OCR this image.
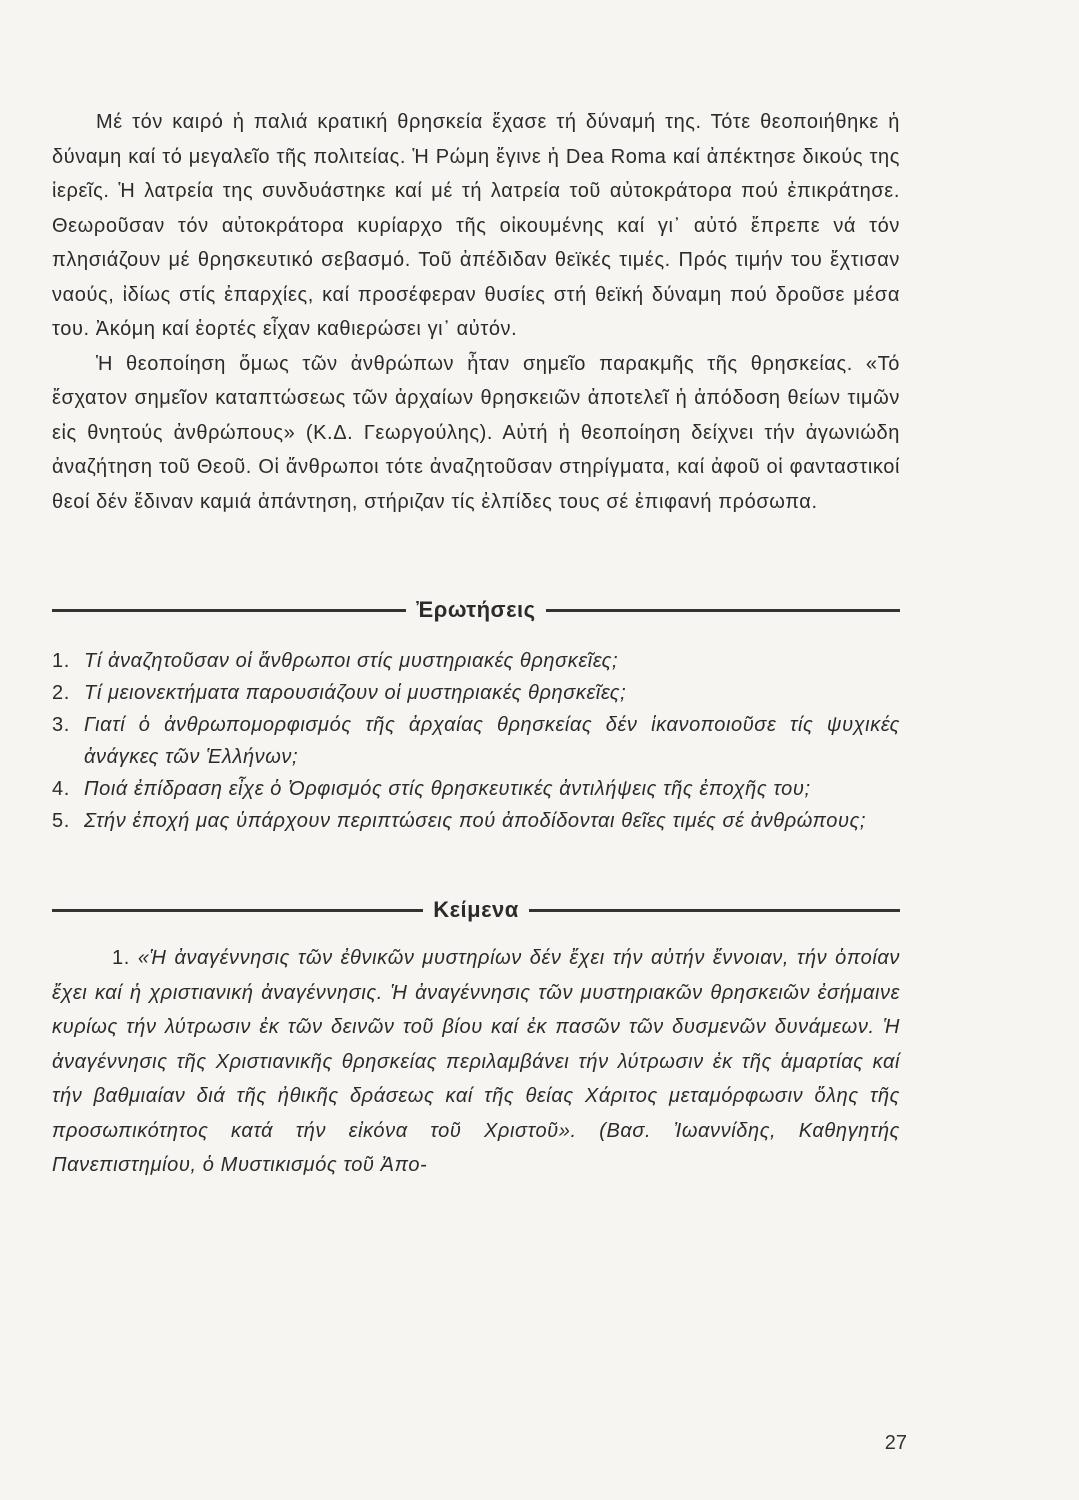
Μέ τόν καιρό ἡ παλιά κρατική θρησκεία ἔχασε τή δύναμή της. Τότε θεοποιήθηκε ἡ δύναμη καί τό μεγαλεῖο τῆς πολιτείας. Ἡ Ρώμη ἔγινε ἡ Dea Roma καί ἀπέκτησε δικούς της ἱερεῖς. Ἡ λατρεία της συνδυάστηκε καί μέ τή λατρεία τοῦ αὐτοκράτορα πού ἐπικράτησε. Θεωροῦσαν τόν αὐτοκράτορα κυρίαρχο τῆς οἰκουμένης καί γι᾽ αὐτό ἔπρεπε νά τόν πλησιάζουν μέ θρησκευτικό σεβασμό. Τοῦ ἀπέδιδαν θεϊκές τιμές. Πρός τιμήν του ἔχτισαν ναούς, ἰδίως στίς ἐπαρχίες, καί προσέφεραν θυσίες στή θεϊκή δύναμη πού δροῦσε μέσα του. Ἀκόμη καί ἑορτές εἶχαν καθιερώσει γι᾽ αὐτόν.

Ἡ θεοποίηση ὅμως τῶν ἀνθρώπων ἦταν σημεῖο παρακμῆς τῆς θρησκείας. «Τό ἔσχατον σημεῖον καταπτώσεως τῶν ἀρχαίων θρησκειῶν ἀποτελεῖ ἡ ἀπόδοση θείων τιμῶν εἰς θνητούς ἀνθρώπους» (Κ.Δ. Γεωργούλης). Αὐτή ἡ θεοποίηση δείχνει τήν ἀγωνιώδη ἀναζήτηση τοῦ Θεοῦ. Οἱ ἄνθρωποι τότε ἀναζητοῦσαν στηρίγματα, καί ἀφοῦ οἱ φανταστικοί θεοί δέν ἔδιναν καμιά ἀπάντηση, στήριζαν τίς ἐλπίδες τους σέ ἐπιφανή πρόσωπα.

Ἐρωτήσεις
1. Τί ἀναζητοῦσαν οἱ ἄνθρωποι στίς μυστηριακές θρησκεῖες;
2. Τί μειονεκτήματα παρουσιάζουν οἱ μυστηριακές θρησκεῖες;
3. Γιατί ὁ ἀνθρωπομορφισμός τῆς ἀρχαίας θρησκείας δέν ἱκανοποιοῦσε τίς ψυχικές ἀνάγκες τῶν Ἑλλήνων;
4. Ποιά ἐπίδραση εἶχε ὁ Ὀρφισμός στίς θρησκευτικές ἀντιλήψεις τῆς ἐποχῆς του;
5. Στήν ἐποχή μας ὑπάρχουν περιπτώσεις πού ἀποδίδονται θεῖες τιμές σέ ἀνθρώπους;
Κείμενα

1. «Ἡ ἀναγέννησις τῶν ἐθνικῶν μυστηρίων δέν ἔχει τήν αὐτήν ἔννοιαν, τήν ὁποίαν ἔχει καί ἡ χριστιανική ἀναγέννησις. Ἡ ἀναγέννησις τῶν μυστηριακῶν θρησκειῶν ἐσήμαινε κυρίως τήν λύτρωσιν ἐκ τῶν δεινῶν τοῦ βίου καί ἐκ πασῶν τῶν δυσμενῶν δυνάμεων. Ἡ ἀναγέννησις τῆς Χριστιανικῆς θρησκείας περιλαμβάνει τήν λύτρωσιν ἐκ τῆς ἁμαρτίας καί τήν βαθμιαίαν διά τῆς ἠθικῆς δράσεως καί τῆς θείας Χάριτος μεταμόρφωσιν ὅλης τῆς προσωπικότητος κατά τήν εἰκόνα τοῦ Χριστοῦ». (Βασ. Ἰωαννίδης, Καθηγητής Πανεπιστημίου, ὁ Μυστικισμός τοῦ Ἀπο-

27
